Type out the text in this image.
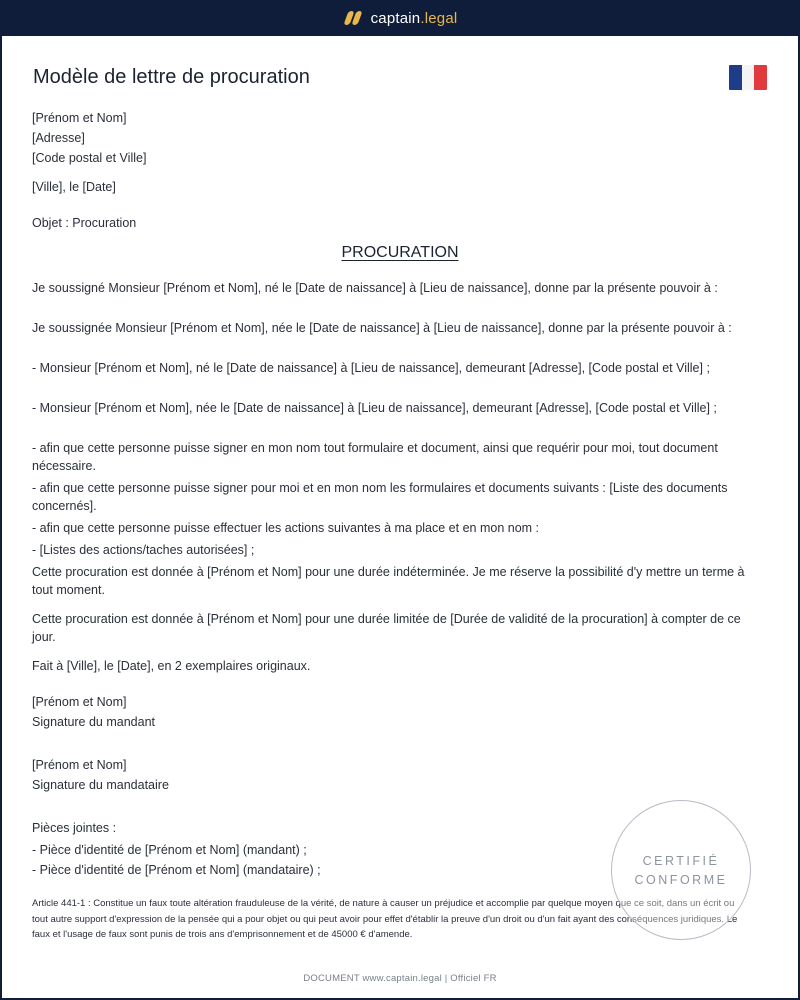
captain.legal
Modèle de lettre de procuration
[Prénom et Nom]
[Adresse]
[Code postal et Ville]
[Ville], le [Date]
Objet : Procuration
PROCURATION
Je soussigné Monsieur [Prénom et Nom], né le [Date de naissance] à [Lieu de naissance], donne par la présente pouvoir à :
Je soussignée Monsieur [Prénom et Nom], née le [Date de naissance] à [Lieu de naissance], donne par la présente pouvoir à :
- Monsieur [Prénom et Nom], né le [Date de naissance] à [Lieu de naissance], demeurant [Adresse], [Code postal et Ville] ;
- Monsieur [Prénom et Nom], née le [Date de naissance] à [Lieu de naissance], demeurant [Adresse], [Code postal et Ville] ;
- afin que cette personne puisse signer en mon nom tout formulaire et document, ainsi que requérir pour moi, tout document nécessaire.
- afin que cette personne puisse signer pour moi et en mon nom les formulaires et documents suivants : [Liste des documents concernés].
- afin que cette personne puisse effectuer les actions suivantes à ma place et en mon nom :
- [Listes des actions/taches autorisées] ;
Cette procuration est donnée à [Prénom et Nom] pour une durée indéterminée. Je me réserve la possibilité d'y mettre un terme à tout moment.
Cette procuration est donnée à [Prénom et Nom] pour une durée limitée de [Durée de validité de la procuration] à compter de ce jour.
Fait à [Ville], le [Date], en 2 exemplaires originaux.
[Prénom et Nom]
Signature du mandant
[Prénom et Nom]
Signature du mandataire
Pièces jointes :
- Pièce d'identité de [Prénom et Nom] (mandant) ;
- Pièce d'identité de [Prénom et Nom] (mandataire) ;
Article 441-1 : Constitue un faux toute altération frauduleuse de la vérité, de nature à causer un préjudice et accomplie par quelque moyen que ce soit, dans un écrit ou tout autre support d'expression de la pensée qui a pour objet ou qui peut avoir pour effet d'établir la preuve d'un droit ou d'un fait ayant des conséquences juridiques. Le faux et l'usage de faux sont punis de trois ans d'emprisonnement et de 45000 € d'amende.
CERTIFIÉ
CONFORME
DOCUMENT www.captain.legal | Officiel FR
